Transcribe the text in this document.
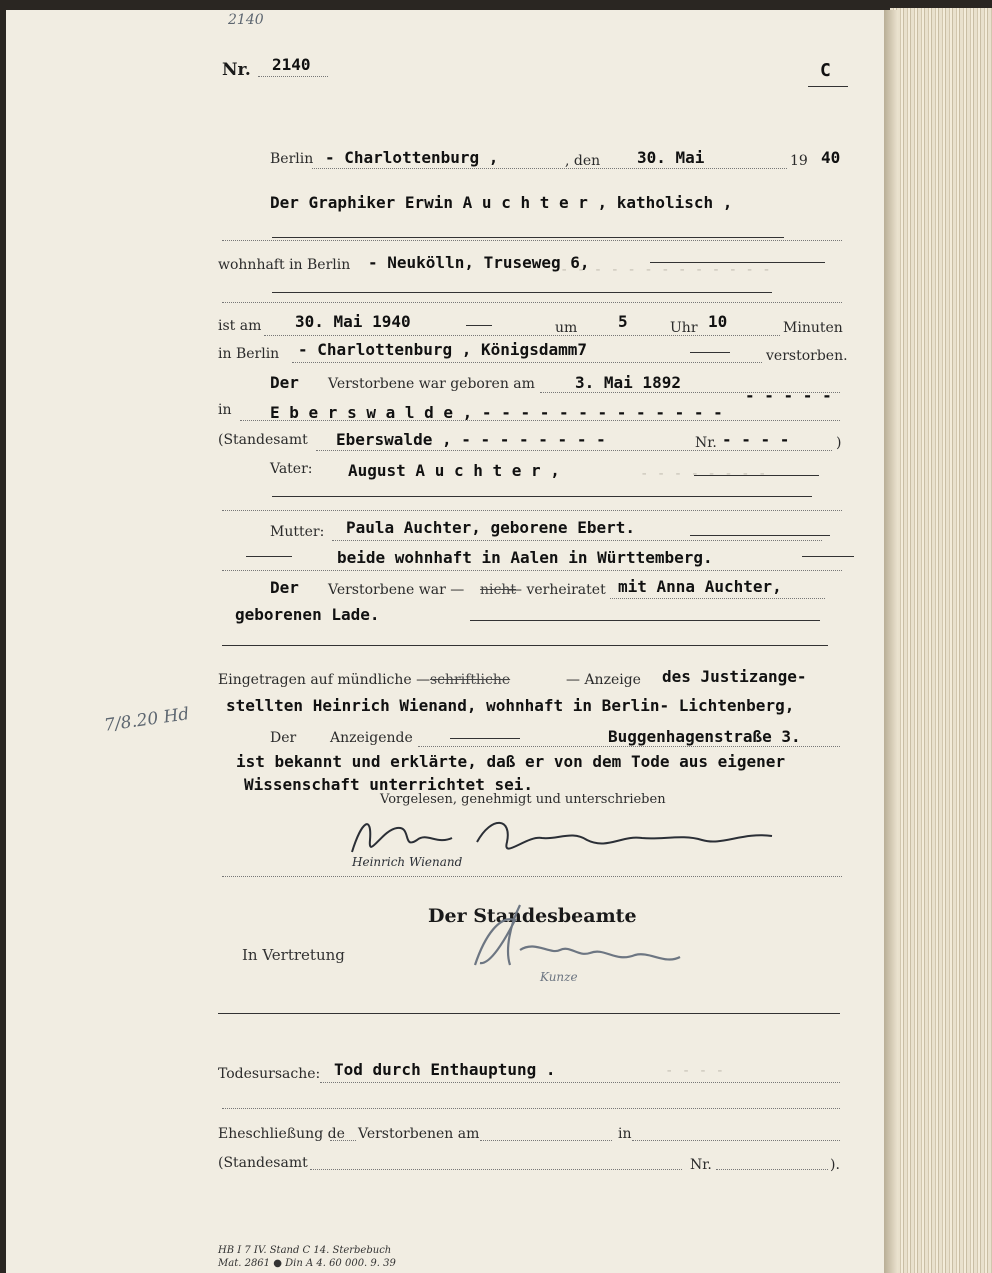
- - - - - - - - - - - - -
- - - - - - - -
- - - -
2140
Nr. 2140	C
Berlin - Charlottenburg ,	, den 30. Mai	19 40
Der Graphiker Erwin A u c h t e r , katholisch ,
wohnhaft in Berlin - Neukölln, Truseweg 6,
ist am 30. Mai 1940	um	5	Uhr 10	Minuten
in Berlin - Charlottenburg , Königsdamm7	verstorben.
Der Verstorbene war geboren am	3. Mai 1892
in E b e r s w a l d e , - - - - - - - - - - - - -
- - - - -
(Standesamt Eberswalde , - - - - - - - -	Nr. - - - -	)
Vater: August A u c h t e r ,
Mutter: Paula Auchter, geborene Ebert.
beide wohnhaft in Aalen in Württemberg.
Der Verstorbene war — nicht
— verheiratet mit Anna Auchter,
geborenen Lade.
Eingetragen auf mündliche — schriftliche	— Anzeige des Justizange-
stellten Heinrich Wienand, wohnhaft in Berlin- Lichtenberg,
7/8.20 Hd
Der Anzeigende	Buggenhagenstraße 3.
ist bekannt und erklärte, daß er von dem Tode aus eigener
Wissenschaft unterrichtet sei.
Vorgelesen, genehmigt und unterschrieben
Heinrich Wienand
Der Standesbeamte
In Vertretung
Kunze
Todesursache: Tod durch Enthauptung .
Eheschließung de Verstorbenen am	in
(Standesamt	Nr.	).
HB I 7 IV. Stand C 14. Sterbebuch
Mat. 2861 ● Din A 4. 60 000. 9. 39
